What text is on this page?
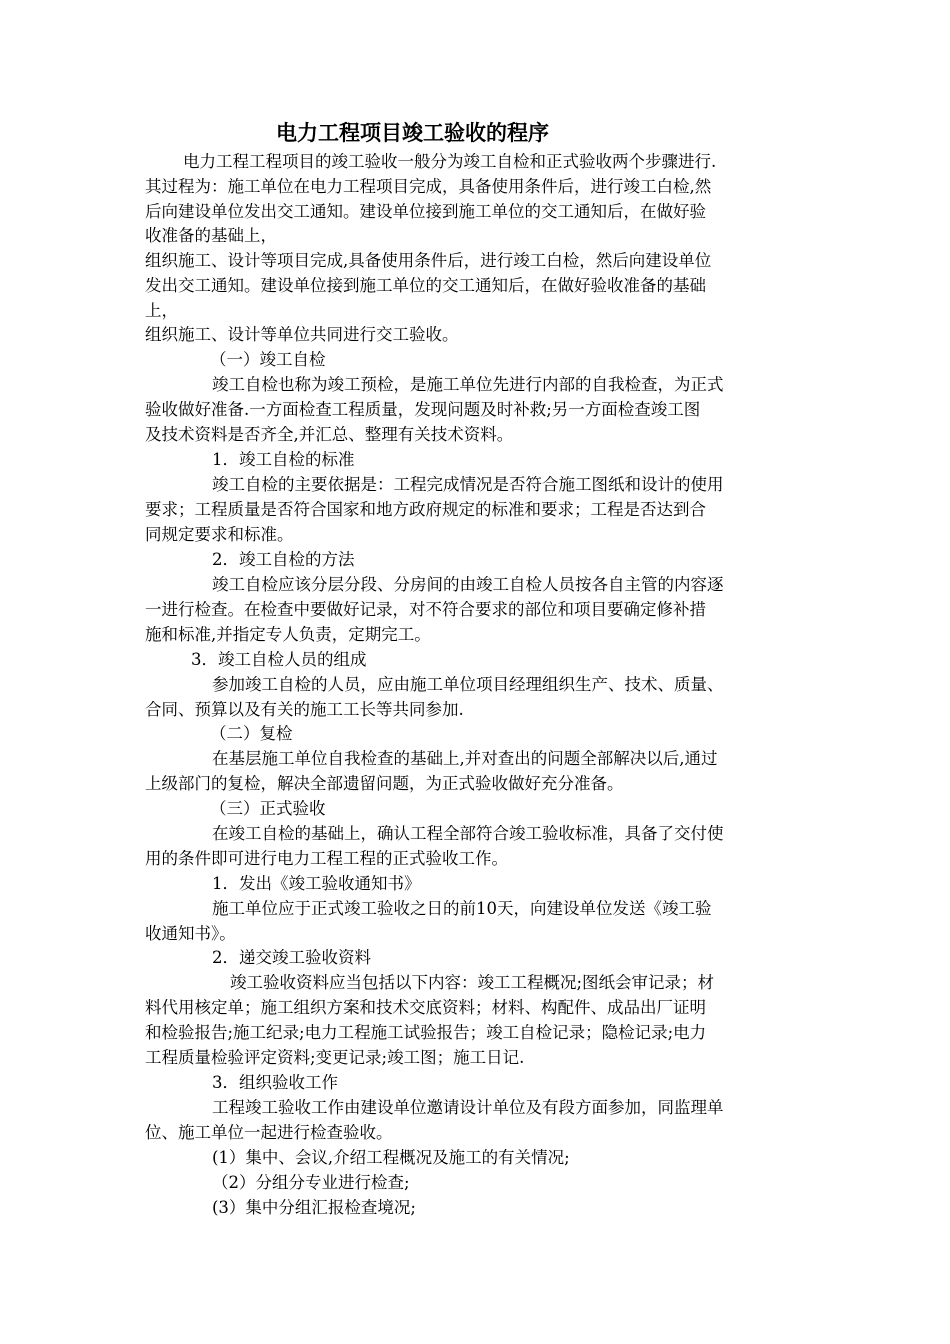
电力工程项目竣工验收的程序
电力工程工程项目的竣工验收一般分为竣工自检和正式验收两个步骤进行.
其过程为：施工单位在电力工程项目完成，具备使用条件后，进行竣工白检,然
后向建设单位发出交工通知。建设单位接到施工单位的交工通知后，在做好验
收准备的基础上，
组织施工、设计等项目完成,具备使用条件后，进行竣工白检，然后向建设单位
发出交工通知。建设单位接到施工单位的交工通知后，在做好验收准备的基础
上，
组织施工、设计等单位共同进行交工验收。
（一）竣工自检
竣工自检也称为竣工预检，是施工单位先进行内部的自我检查，为正式
验收做好准备.一方面检查工程质量，发现问题及时补救;另一方面检查竣工图
及技术资料是否齐全,并汇总、整理有关技术资料。
1．竣工自检的标准
竣工自检的主要依据是：工程完成情况是否符合施工图纸和设计的使用
要求；工程质量是否符合国家和地方政府规定的标准和要求；工程是否达到合
同规定要求和标准。
2．竣工自检的方法
竣工自检应该分层分段、分房间的由竣工自检人员按各自主管的内容逐
一进行检查。在检查中要做好记录，对不符合要求的部位和项目要确定修补措
施和标准,并指定专人负责，定期完工。
3．竣工自检人员的组成
参加竣工自检的人员，应由施工单位项目经理组织生产、技术、质量、
合同、预算以及有关的施工工长等共同参加.
（二）复检
在基层施工单位自我检查的基础上,并对查出的问题全部解决以后,通过
上级部门的复检，解决全部遗留问题，为正式验收做好充分准备。
（三）正式验收
在竣工自检的基础上，确认工程全部符合竣工验收标准，具备了交付使
用的条件即可进行电力工程工程的正式验收工作。
1．发出《竣工验收通知书》
施工单位应于正式竣工验收之日的前10天，向建设单位发送《竣工验
收通知书》。
2．递交竣工验收资料
竣工验收资料应当包括以下内容：竣工工程概况;图纸会审记录；材
料代用核定单；施工组织方案和技术交底资料；材料、构配件、成品出厂证明
和检验报告;施工纪录;电力工程施工试验报告；竣工自检记录；隐检记录;电力
工程质量检验评定资料;变更记录;竣工图；施工日记.
3．组织验收工作
工程竣工验收工作由建设单位邀请设计单位及有段方面参加，同监理单
位、施工单位一起进行检查验收。
(1）集中、会议,介绍工程概况及施工的有关情况;
（2）分组分专业进行检查;
(3）集中分组汇报检查境况;
